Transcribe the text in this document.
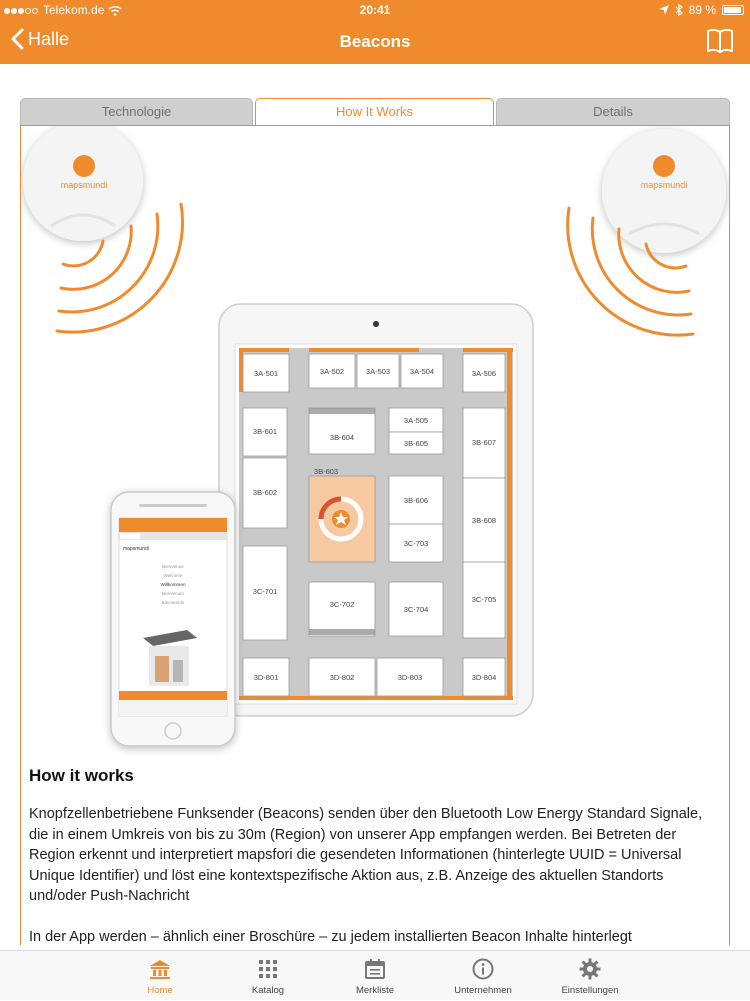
Telekom.de	20:41	89 %
Halle	Beacons
Technologie	How It Works	Details
mapsmundi	mapsmundi
3A-501	3A-502	3A-503	3A-504	3A-506
3A-505
3B-601
3B-604
3B-605	3B-607
3B-603
3B-602
3B-606
3B-608
3C-703
3C-701
3C-702
3C-704
3C-705
3D-801	3D-802	3D-803	3D-804
mapsmundi
Bienvenue
Welcome
Willkommen
Benvenuto
Bienvenido
How it works

Knopfzellenbetriebene Funksender (Beacons) senden über den Bluetooth Low Energy Standard Signale, die in einem Umkreis von bis zu 30m (Region) von unserer App empfangen werden. Bei Betreten der Region erkennt und interpretiert mapsfori die gesendeten Informationen (hinterlegte UUID = Universal Unique Identifier) und löst eine kontextspezifische Aktion aus, z.B. Anzeige des aktuellen Standorts und/oder Push-Nachricht

In der App werden – ähnlich einer Broschüre – zu jedem installierten Beacon Inhalte hinterlegt

Home	Katalog	Merkliste	Unternehmen	Einstellungen
